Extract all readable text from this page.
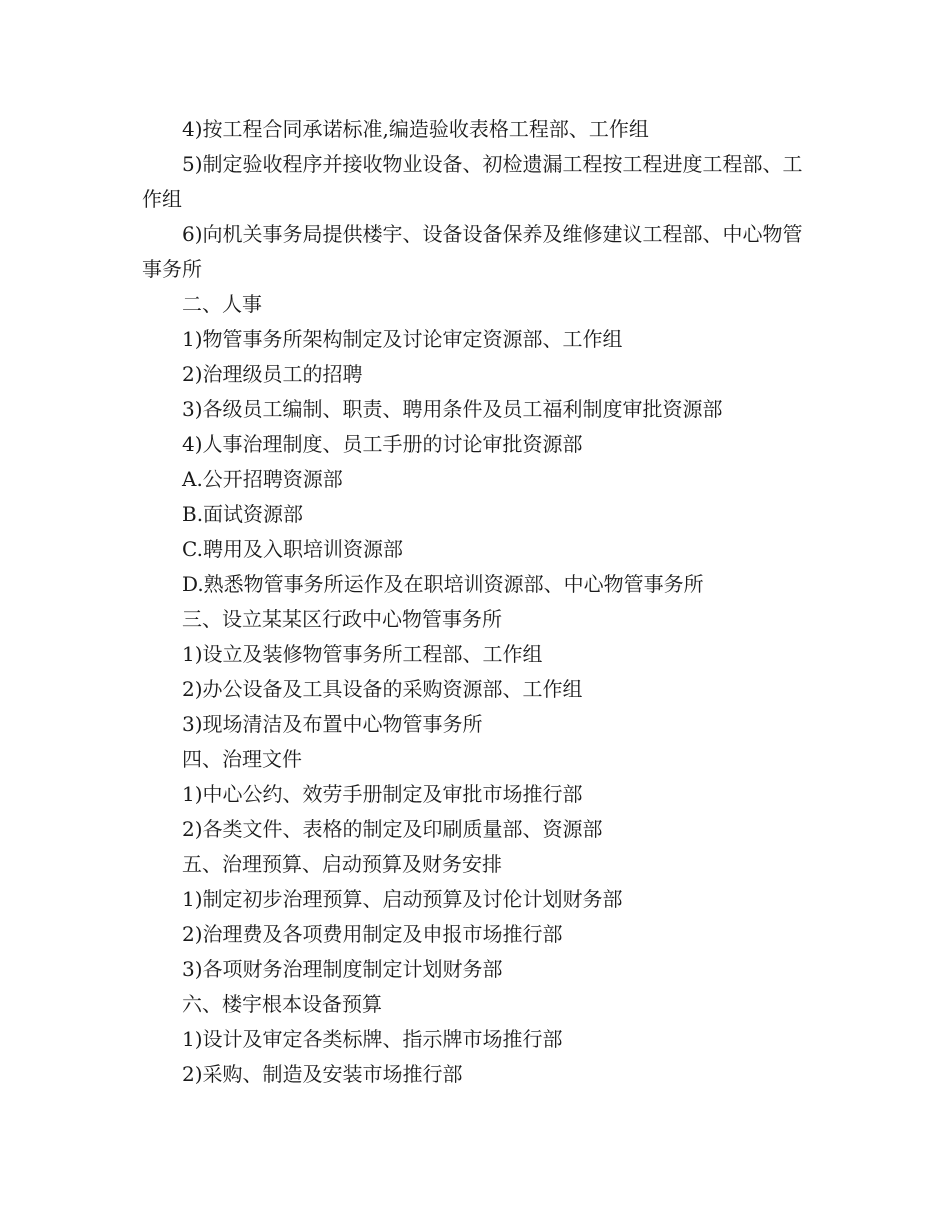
4)按工程合同承诺标准,编造验收表格工程部、工作组

5)制定验收程序并接收物业设备、初检遗漏工程按工程进度工程部、工作组

6)向机关事务局提供楼宇、设备设备保养及维修建议工程部、中心物管事务所

二、人事

1)物管事务所架构制定及讨论审定资源部、工作组

2)治理级员工的招聘

3)各级员工编制、职责、聘用条件及员工福利制度审批资源部

4)人事治理制度、员工手册的讨论审批资源部

A.公开招聘资源部

B.面试资源部

C.聘用及入职培训资源部

D.熟悉物管事务所运作及在职培训资源部、中心物管事务所

三、设立某某区行政中心物管事务所

1)设立及装修物管事务所工程部、工作组

2)办公设备及工具设备的采购资源部、工作组

3)现场清洁及布置中心物管事务所

四、治理文件

1)中心公约、效劳手册制定及审批市场推行部

2)各类文件、表格的制定及印刷质量部、资源部

五、治理预算、启动预算及财务安排

1)制定初步治理预算、启动预算及讨伦计划财务部

2)治理费及各项费用制定及申报市场推行部

3)各项财务治理制度制定计划财务部

六、楼宇根本设备预算

1)设计及审定各类标牌、指示牌市场推行部

2)采购、制造及安装市场推行部
